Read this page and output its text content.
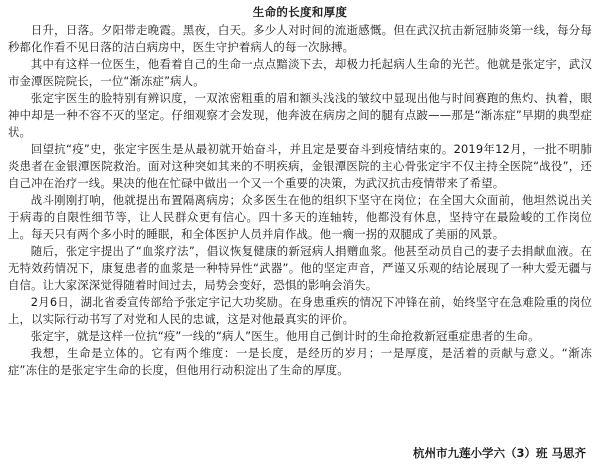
生命的长度和厚度

日升，日落。夕阳带走晚霞。黑夜，白天。多少人对时间的流逝感慨。但在武汉抗击新冠肺炎第一线，每分每秒都化作看不见日落的洁白病房中，医生守护着病人的每一次脉搏。

其中有这样一位医生，他看着自己的生命一点点黯淡下去，却极力托起病人生命的光芒。他就是张定宇，武汉市金潭医院院长，一位“渐冻症”病人。

张定宇医生的脸特别有辨识度，一双浓密粗重的眉和额头浅浅的皱纹中显现出他与时间赛跑的焦灼、执着，眼神中却是一种不容不灭的坚定。仔细观察才会发现，他奔波在病房之间的腿有点跛——那是“渐冻症”早期的典型症状。

回望抗“疫”史，张定宇医生是从最初就开始奋斗，并且定是要奋斗到疫情结束的。2019年12月，一批不明肺炎患者在金银潭医院救治。面对这种突如其来的不明疾病，金银潭医院的主心骨张定宇不仅主持全医院“战役”，还自己冲在治疗一线。果决的他在忙碌中做出一个又一个重要的决策，为武汉抗击疫情带来了希望。

战斗刚刚打响，他就提出布置隔离病房；众多医生在他的组织下坚守在岗位；在全国大众面前，他坦然说出关于病毒的自限性细节等，让人民群众更有信心。四十多天的连轴转，他都没有休息，坚持守在最险峻的工作岗位上。每天只有两个多小时的睡眠，和全体医护人员并肩作战。他一瘸一拐的双腿成了美丽的风景。

随后，张定宇提出了“血浆疗法”，倡议恢复健康的新冠病人捐赠血浆。他甚至动员自己的妻子去捐献血液。在无特效药情况下，康复患者的血浆是一种特异性“武器”。他的坚定声音，严谨又乐观的结论展现了一种大爱无疆与自信。让大家深深觉得随着时间过去，局势会变好，恐惧的影响会消失。

2月6日，湖北省委宣传部给予张定宇记大功奖励。在身患重疾的情况下冲锋在前，始终坚守在急难险重的岗位上，以实际行动书写了对党和人民的忠诚，这是对他最真实的评价。

张定宇，就是这样一位抗“疫”一线的“病人”医生。他用自己倒计时的生命抢救新冠重症患者的生命。

我想，生命是立体的。它有两个维度：一是长度，是经历的岁月；一是厚度，是活着的贡献与意义。“渐冻症”冻住的是张定宇生命的长度，但他用行动积淀出了生命的厚度。

杭州市九莲小学六（3）班 马思齐
